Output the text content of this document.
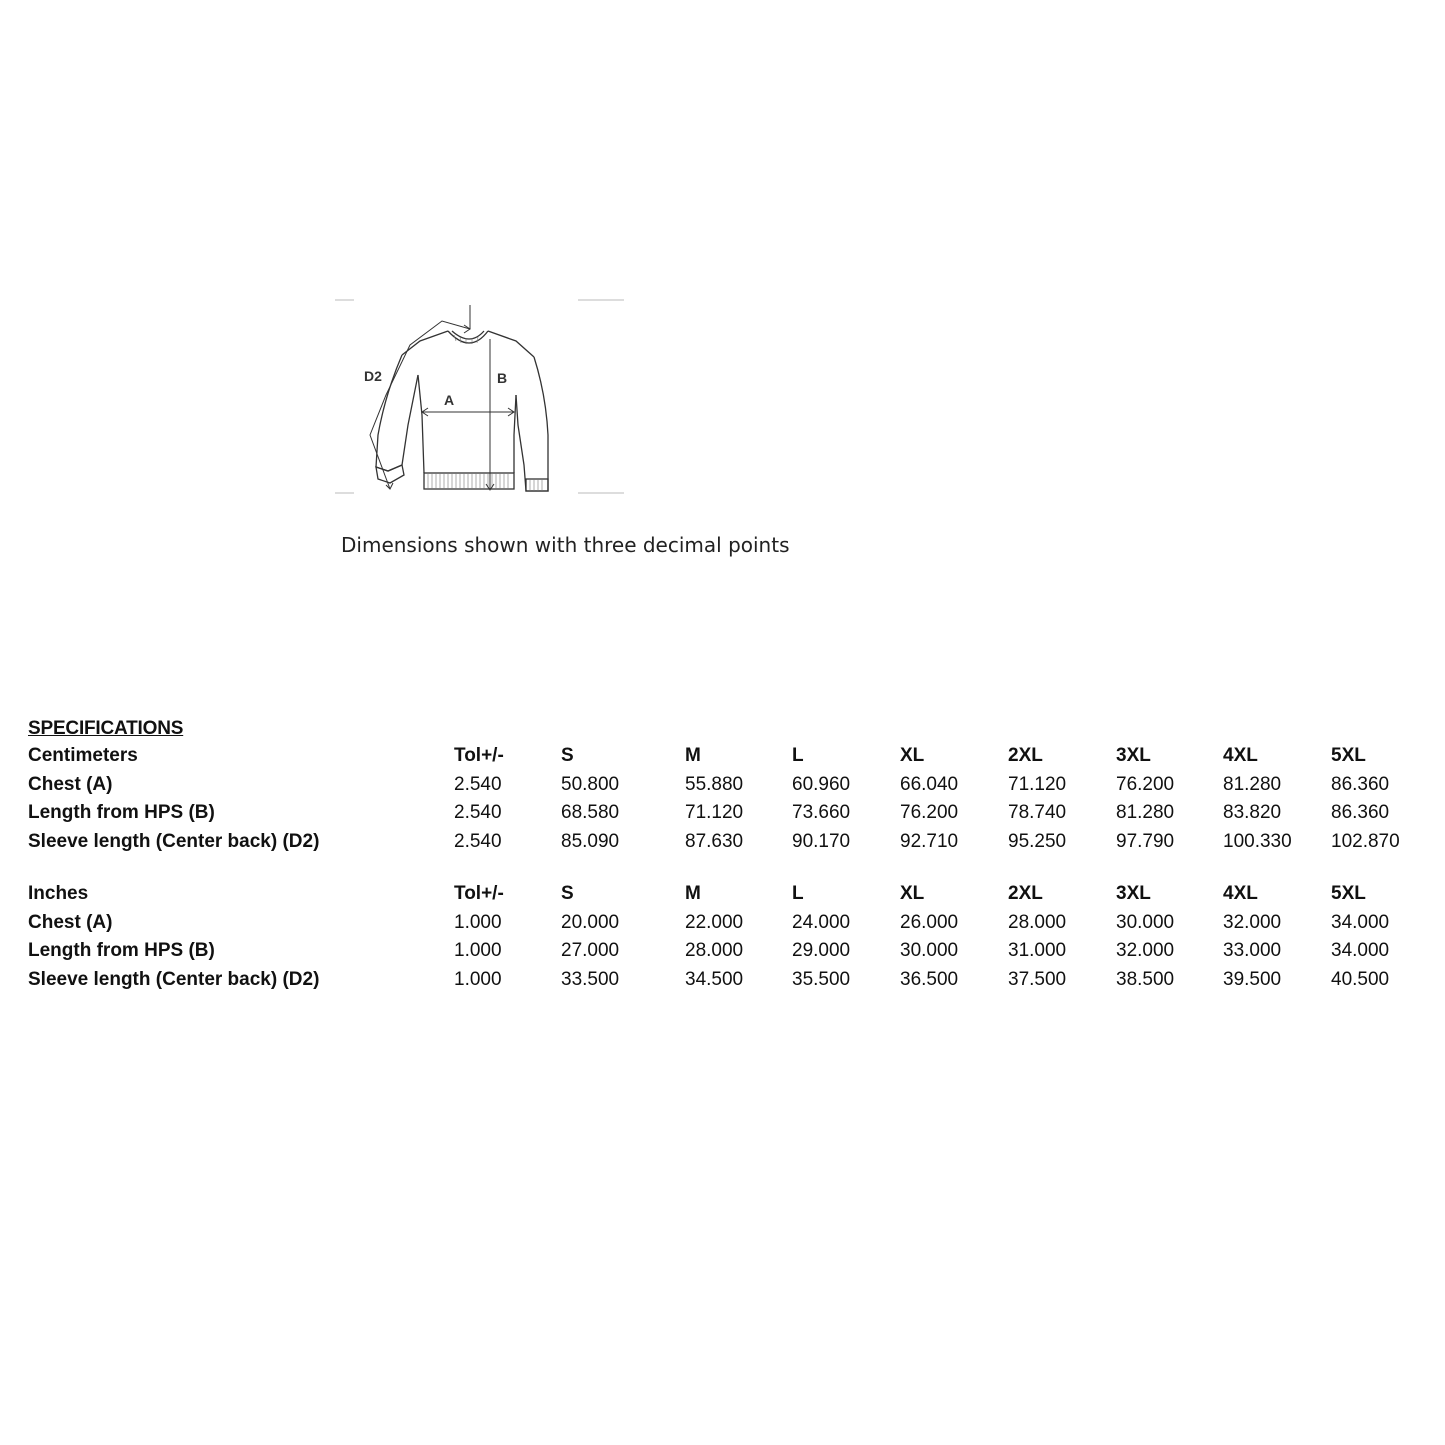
D2
A
B
Dimensions shown with three decimal points
SPECIFICATIONS
Centimeters	Tol+/-	S	M	L	XL	2XL	3XL	4XL	5XL
Chest (A)	2.540	50.800	55.880	60.960	66.040	71.120	76.200	81.280	86.360
Length from HPS (B)	2.540	68.580	71.120	73.660	76.200	78.740	81.280	83.820	86.360
Sleeve length (Center back) (D2)	2.540	85.090	87.630	90.170	92.710	95.250	97.790	100.330	102.870
Inches	Tol+/-	S	M	L	XL	2XL	3XL	4XL	5XL
Chest (A)	1.000	20.000	22.000	24.000	26.000	28.000	30.000	32.000	34.000
Length from HPS (B)	1.000	27.000	28.000	29.000	30.000	31.000	32.000	33.000	34.000
Sleeve length (Center back) (D2)	1.000	33.500	34.500	35.500	36.500	37.500	38.500	39.500	40.500
